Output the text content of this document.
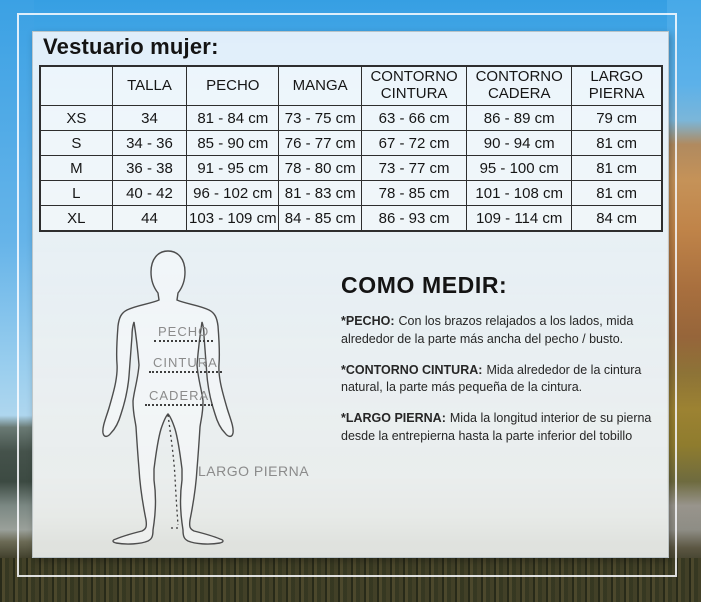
Vestuario mujer:
	TALLA	PECHO	MANGA	CONTORNO CINTURA	CONTORNO CADERA	LARGO PIERNA
XS	34	81 - 84 cm	73 - 75 cm	63 - 66 cm	86 - 89 cm	79 cm
S	34 - 36	85 - 90 cm	76 - 77 cm	67 - 72 cm	90 - 94 cm	81 cm
M	36 - 38	91 - 95 cm	78 - 80 cm	73 - 77 cm	95 - 100 cm	81 cm
L	40 - 42	96 - 102 cm	81 - 83 cm	78 - 85 cm	101 - 108 cm	81 cm
XL	44	103 - 109 cm	84 - 85 cm	86 - 93 cm	109 - 114 cm	84 cm
PECHO
CINTURA
CADERA
LARGO PIERNA
COMO MEDIR:

*PECHO: Con los brazos relajados a los lados, mida alrededor de la parte más ancha del pecho / busto.

*CONTORNO CINTURA: Mida alrededor de la cintura natural, la parte más pequeña de la cintura.

*LARGO PIERNA: Mida la longitud interior de su pierna desde la entrepierna hasta la parte inferior del tobillo
